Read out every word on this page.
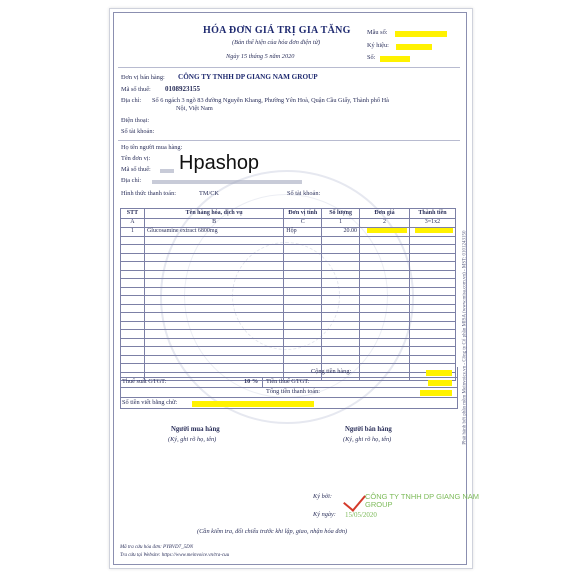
HÓA ĐƠN GIÁ TRỊ GIA TĂNG
(Bản thể hiện của hóa đơn điện tử)
Ngày 15 tháng 5 năm 2020
Mẫu số:
Ký hiệu:
Số:
Đơn vị bán hàng: CÔNG TY TNHH DP GIANG NAM GROUP
Mã số thuế: 0108923155
Địa chỉ: Số 6 ngách 3 ngõ 83 đường Nguyễn Khang, Phường Yên Hoà, Quận Cầu Giấy, Thành phố Hà
Nội, Việt Nam
Điện thoại:
Số tài khoản:
Họ tên người mua hàng:
Tên đơn vị:
Mã số thuế:
Địa chỉ:
Hình thức thanh toán:	TM/CK	Số tài khoản:
Hpashop
STT	Tên hàng hóa, dịch vụ	Đơn vị tính	Số lượng	Đơn giá	Thành tiền
A	B	C	1	2	3=1x2
1	Glucosamine extract 6800mg	Hộp	20.00		

Cộng tiền hàng:
Thuế suất GTGT:	10 % Tiền thuế GTGT:
Tổng tiền thanh toán:
Số tiền viết bằng chữ:
Người mua hàng
(Ký, ghi rõ họ, tên)
Người bán hàng
(Ký, ghi rõ họ, tên)
Ký bởi:	CÔNG TY TNHH DP GIANG NAM
GROUP
Ký ngày: 15/05/2020
(Cần kiểm tra, đối chiếu trước khi lập, giao, nhận hóa đơn)
Mã tra cứu hóa đơn: PYBVD7_5DN
Tra cứu tại Website: https://www.meinvoice.vn/tra-cuu
Phát hành bởi phần mềm Meinvoice.vn - Công ty Cổ phần MISA (www.misa.com.vn) - MST: 0101243150
